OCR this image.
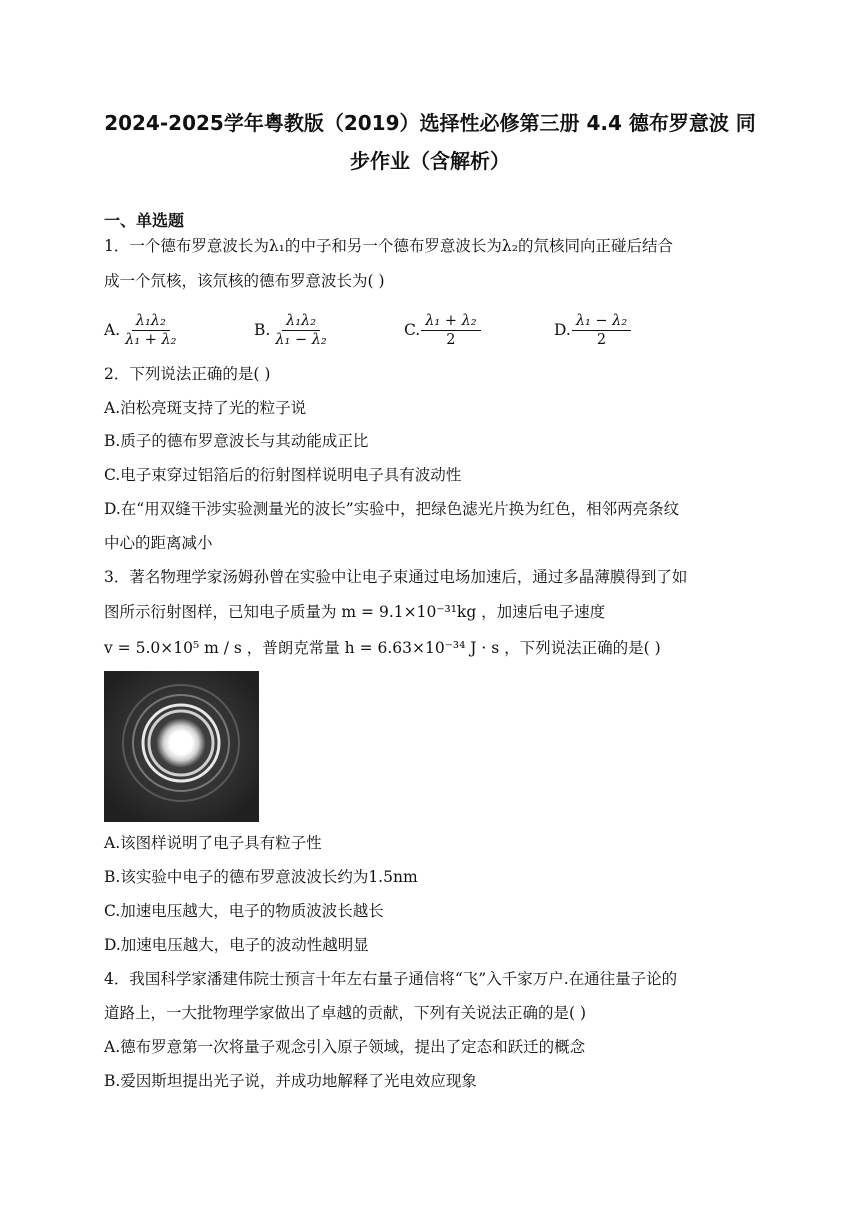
2024-2025学年粤教版（2019）选择性必修第三册 4.4 德布罗意波 同
步作业（含解析）
一、单选题
1．一个德布罗意波长为λ₁的中子和另一个德布罗意波长为λ₂的氘核同向正碰后结合
成一个氘核，该氘核的德布罗意波长为( )
A. $\frac{\text{λ₁λ₂}}{\text{λ₁ + λ₂}}$	B. $\frac{\text{λ₁λ₂}}{\text{λ₁ − λ₂}}$	C. $\frac{\text{λ₁ + λ₂}}{2}$	D. $\frac{\text{λ₁ − λ₂}}{2}$
2．下列说法正确的是( )
A.泊松亮斑支持了光的粒子说
B.质子的德布罗意波长与其动能成正比
C.电子束穿过铝箔后的衍射图样说明电子具有波动性
D.在“用双缝干涉实验测量光的波长”实验中，把绿色滤光片换为红色，相邻两亮条纹
中心的距离减小
3．著名物理学家汤姆孙曾在实验中让电子束通过电场加速后，通过多晶薄膜得到了如
图所示衍射图样，已知电子质量为 m = 9.1×10⁻³¹kg ，加速后电子速度
v = 5.0×10⁵ m / s ，普朗克常量 h = 6.63×10⁻³⁴ J · s ，下列说法正确的是( )
A.该图样说明了电子具有粒子性
B.该实验中电子的德布罗意波波长约为1.5nm
C.加速电压越大，电子的物质波波长越长
D.加速电压越大，电子的波动性越明显
4．我国科学家潘建伟院士预言十年左右量子通信将“飞”入千家万户.在通往量子论的
道路上，一大批物理学家做出了卓越的贡献，下列有关说法正确的是( )
A.德布罗意第一次将量子观念引入原子领域，提出了定态和跃迁的概念
B.爱因斯坦提出光子说，并成功地解释了光电效应现象
